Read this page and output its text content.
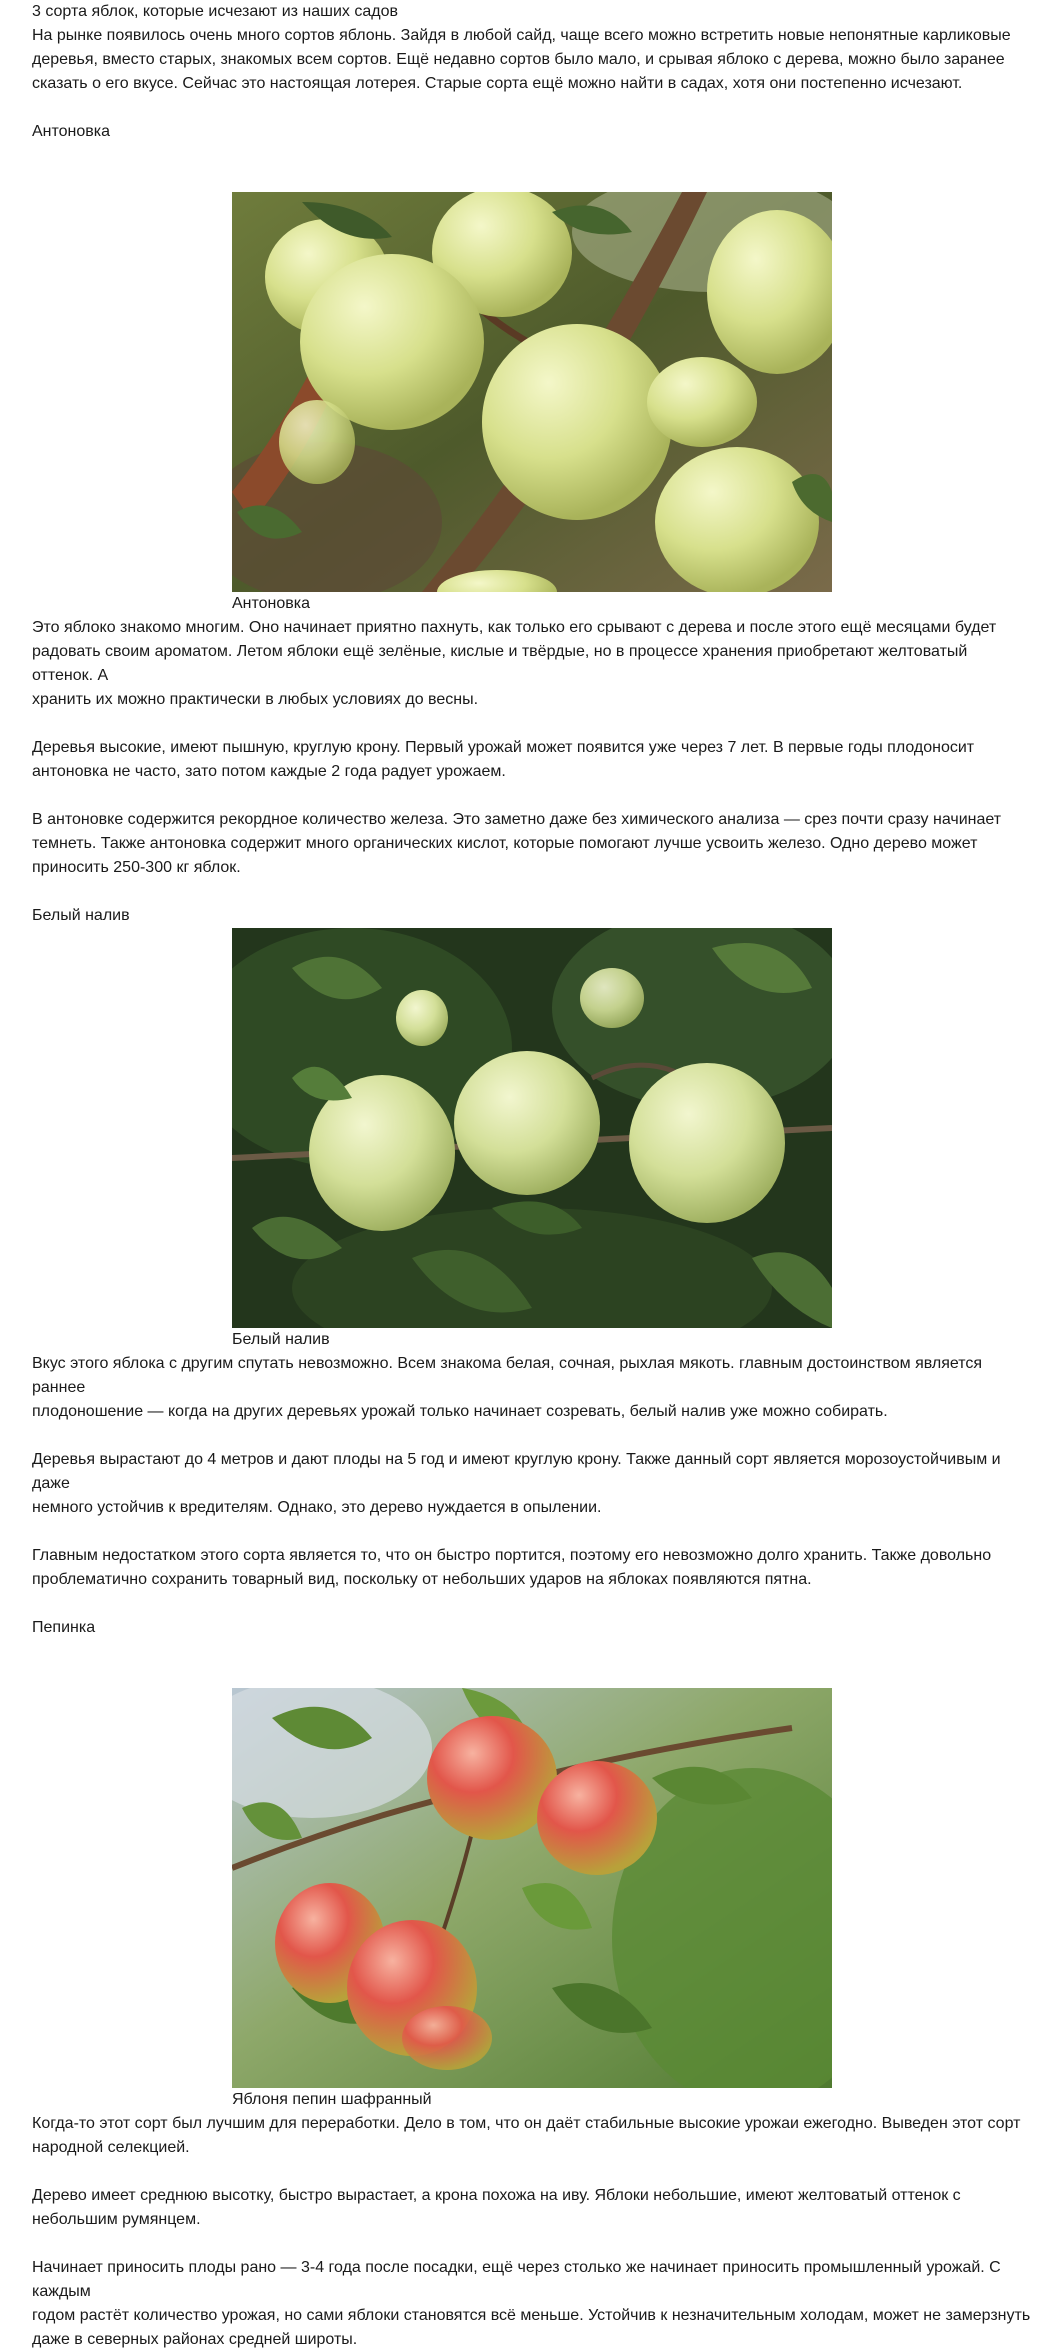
3 сорта яблок, которые исчезают из наших садов

На рынке появилось очень много сортов яблонь. Зайдя в любой сайд, чаще всего можно встретить новые непонятные карликовые

деревья, вместо старых, знакомых всем сортов. Ещё недавно сортов было мало, и срывая яблоко с дерева, можно было заранее

сказать о его вкусе. Сейчас это настоящая лотерея. Старые сорта ещё можно найти в садах, хотя они постепенно исчезают.

Антоновка

Антоновка

Это яблоко знакомо многим. Оно начинает приятно пахнуть, как только его срывают с дерева и после этого ещё месяцами будет

радовать своим ароматом. Летом яблоки ещё зелёные, кислые и твёрдые, но в процессе хранения приобретают желтоватый оттенок. А

хранить их можно практически в любых условиях до весны.

Деревья высокие, имеют пышную, круглую крону. Первый урожай может появится уже через 7 лет. В первые годы плодоносит

антоновка не часто, зато потом каждые 2 года радует урожаем.

В антоновке содержится рекордное количество железа. Это заметно даже без химического анализа — срез почти сразу начинает

темнеть. Также антоновка содержит много органических кислот, которые помогают лучше усвоить железо. Одно дерево может

приносить 250-300 кг яблок.

Белый налив

Белый налив

Вкус этого яблока с другим спутать невозможно. Всем знакома белая, сочная, рыхлая мякоть. главным достоинством является раннее

плодоношение — когда на других деревьях урожай только начинает созревать, белый налив уже можно собирать.

Деревья вырастают до 4 метров и дают плоды на 5 год и имеют круглую крону. Также данный сорт является морозоустойчивым и даже

немного устойчив к вредителям. Однако, это дерево нуждается в опылении.

Главным недостатком этого сорта является то, что он быстро портится, поэтому его невозможно долго хранить. Также довольно

проблематично сохранить товарный вид, поскольку от небольших ударов на яблоках появляются пятна.

Пепинка

Яблоня пепин шафранный

Когда-то этот сорт был лучшим для переработки. Дело в том, что он даёт стабильные высокие урожаи ежегодно. Выведен этот сорт

народной селекцией.

Дерево имеет среднюю высотку, быстро вырастает, а крона похожа на иву. Яблоки небольшие, имеют желтоватый оттенок с

небольшим румянцем.

Начинает приносить плоды рано — 3-4 года после посадки, ещё через столько же начинает приносить промышленный урожай. С каждым

годом растёт количество урожая, но сами яблоки становятся всё меньше. Устойчив к незначительным холодам, может не замерзнуть

даже в северных районах средней широты.
